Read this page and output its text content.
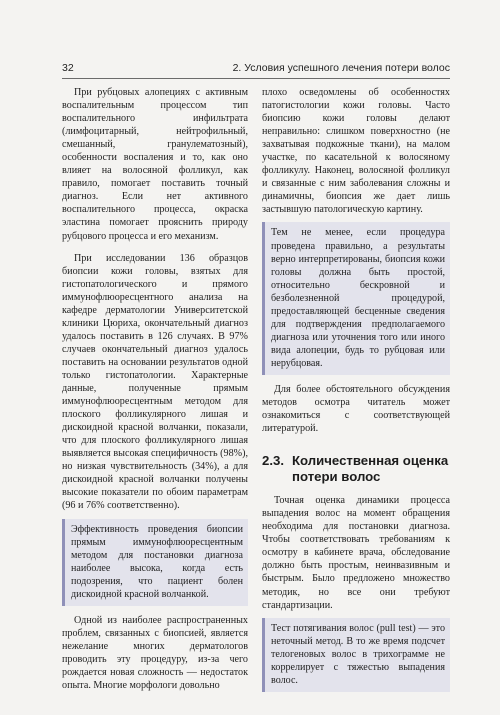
32	2. Условия успешного лечения потери волос

При рубцовых алопециях с активным воспалительным процессом тип воспалительного инфильтрата (лимфоцитарный, нейтрофильный, смешанный, гранулематозный), особенности воспаления и то, как оно влияет на волосяной фолликул, как правило, помогает поставить точный диагноз. Если нет активного воспалительного процесса, окраска эластина помогает прояснить природу рубцового процесса и его механизм.

При исследовании 136 образцов биопсии кожи головы, взятых для гистопатологического и прямого иммунофлюоресцентного анализа на кафедре дерматологии Университетской клиники Цюриха, окончательный диагноз удалось поставить в 126 случаях. В 97% случаев окончательный диагноз удалось поставить на основании результатов одной только гистопатологии. Характерные данные, полученные прямым иммунофлюоресцентным методом для плоского фолликулярного лишая и дискоидной красной волчанки, показали, что для плоского фолликулярного лишая выявляется высокая специфичность (98%), но низкая чувствительность (34%), а для дискоидной красной волчанки получены высокие показатели по обоим параметрам (96 и 76% соответственно).

Эффективность проведения биопсии прямым иммунофлюоресцентным методом для постановки диагноза наиболее высока, когда есть подозрения, что пациент болен дискоидной красной волчанкой.

Одной из наиболее распространенных проблем, связанных с биопсией, является нежелание многих дерматологов проводить эту процедуру, из-за чего рождается новая сложность — недостаток опыта. Многие морфологи довольно

плохо осведомлены об особенностях патогистологии кожи головы. Часто биопсию кожи головы делают неправильно: слишком поверхностно (не захватывая подкожные ткани), на малом участке, по касательной к волосяному фолликулу. Наконец, волосяной фолликул и связанные с ним заболевания сложны и динамичны, биопсия же дает лишь застывшую патологическую картину.

Тем не менее, если процедура проведена правильно, а результаты верно интерпретированы, биопсия кожи головы должна быть простой, относительно бескровной и безболезненной процедурой, предоставляющей бесценные сведения для подтверждения предполагаемого диагноза или уточнения того или иного вида алопеции, будь то рубцовая или нерубцовая.

Для более обстоятельного обсуждения методов осмотра читатель может ознакомиться с соответствующей литературой.

2.3. Количественная оценка потери волос

Точная оценка динамики процесса выпадения волос на момент обращения необходима для постановки диагноза. Чтобы соответствовать требованиям к осмотру в кабинете врача, обследование должно быть простым, неинвазивным и быстрым. Было предложено множество методик, но все они требуют стандартизации.

Тест потягивания волос (pull test) — это неточный метод. В то же время подсчет телогеновых волос в трихограмме не коррелирует с тяжестью выпадения волос.
